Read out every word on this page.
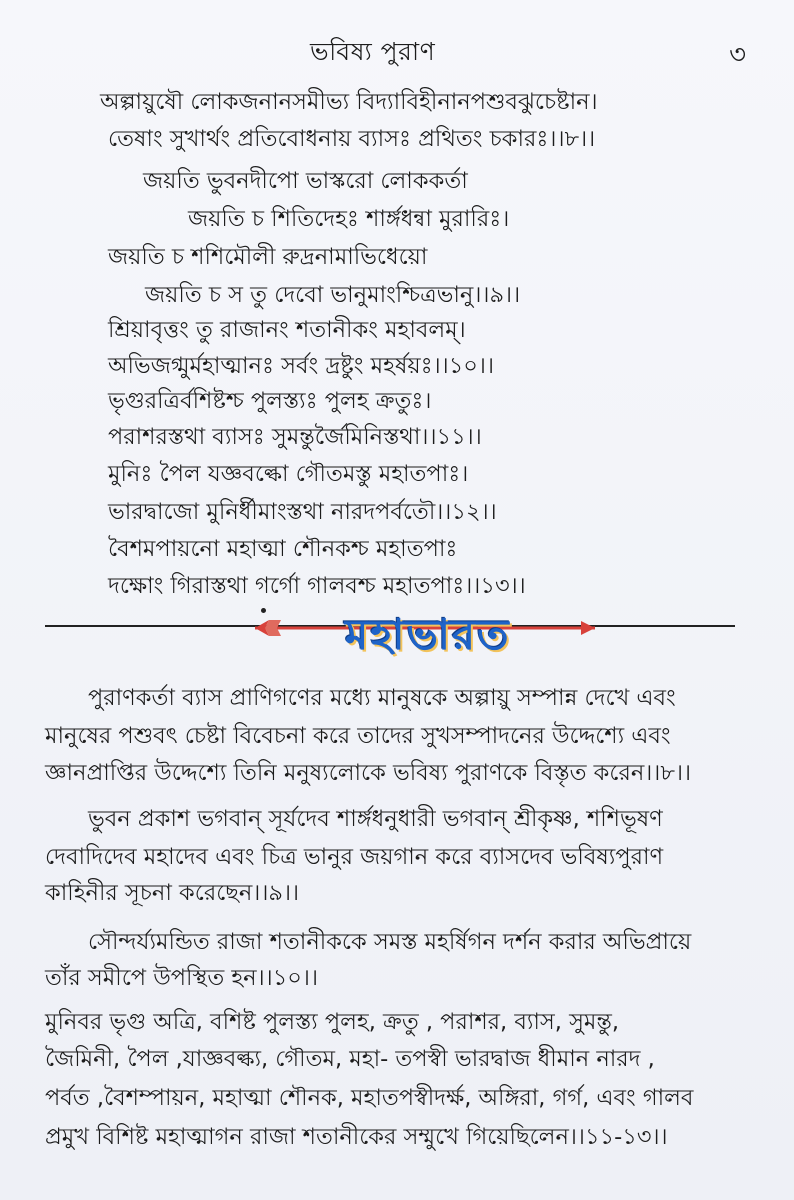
ভবিষ্য পুরাণ	৩
অল্পায়ুষৌ লোকজনানসমীভ্য বিদ্যাবিহীনানপশুবঝুচেষ্টান।
তেষাং সুখার্থং প্রতিবোধনায় ব্যাসঃ প্রথিতং চকারঃ।।৮।।
জয়তি ভুবনদীপো ভাস্করো লোককর্তা
জয়তি চ শিতিদেহঃ শার্ঙ্গধন্বা মুরারিঃ।
জয়তি চ শশিমৌলী রুদ্রনামাভিধেয়ো
জয়তি চ স তু দেবো ভানুমাংশ্চিত্রভানু।।৯।।
শ্রিয়াবৃত্তং তু রাজানং শতানীকং মহাবলম্।
অভিজগ্মুর্মহাত্মানঃ সর্বং দ্রষ্টুং মহর্ষয়ঃ।।১০।।
ভৃগুরত্রির্বশিষ্টশ্চ পুলস্ত্যঃ পুলহ ক্রতুঃ।
পরাশরস্তথা ব্যাসঃ সুমন্তুর্জৈমিনিস্তথা।।১১।।
মুনিঃ পৈল যজ্ঞবল্কো গৌতমস্তু মহাতপাঃ।
ভারদ্বাজো মুনির্ধীমাংস্তথা নারদপর্বতৌ।।১২।।
বৈশমপায়নো মহাত্মা শৌনকশ্চ মহাতপাঃ
দক্ষোং গিরাস্তথা গর্গো গালবশ্চ মহাতপাঃ।।১৩।।
মহাভারত
পুরাণকর্তা ব্যাস প্রাণিগণের মধ্যে মানুষকে অল্পায়ু সম্পান্ন দেখে এবং
মানুষের পশুবৎ চেষ্টা বিবেচনা করে তাদের সুখসম্পাদনের উদ্দেশ্যে এবং
জ্ঞানপ্রাপ্তির উদ্দেশ্যে তিনি মনুষ্যলোকে ভবিষ্য পুরাণকে বিস্তৃত করেন।।৮।।
ভুবন প্রকাশ ভগবান্ সূর্যদেব শার্ঙ্গধনুধারী ভগবান্ শ্রীকৃষ্ণ, শশিভূষণ
দেবাদিদেব মহাদেব এবং চিত্র ভানুর জয়গান করে ব্যাসদেব ভবিষ্যপুরাণ
কাহিনীর সূচনা করেছেন।।৯।।
সৌন্দর্য্যমন্ডিত রাজা শতানীককে সমস্ত মহর্ষিগন দর্শন করার অভিপ্রায়ে
তাঁর সমীপে উপস্থিত হন।।১০।।
মুনিবর ভৃগু অত্রি, বশিষ্ট পুলস্ত্য পুলহ, ক্রতু , পরাশর, ব্যাস, সুমন্তু,
জৈমিনী, পৈল ,যাজ্ঞবল্ক্য, গৌতম, মহা- তপস্বী ভারদ্বাজ ধীমান নারদ ,
পর্বত ,বৈশম্পায়ন, মহাত্মা শৌনক, মহাতপস্বীদর্ক্ষ, অঙ্গিরা, গর্গ, এবং গালব
প্রমুখ বিশিষ্ট মহাত্মাগন রাজা শতানীকের সম্মুখে গিয়েছিলেন।।১১-১৩।।
